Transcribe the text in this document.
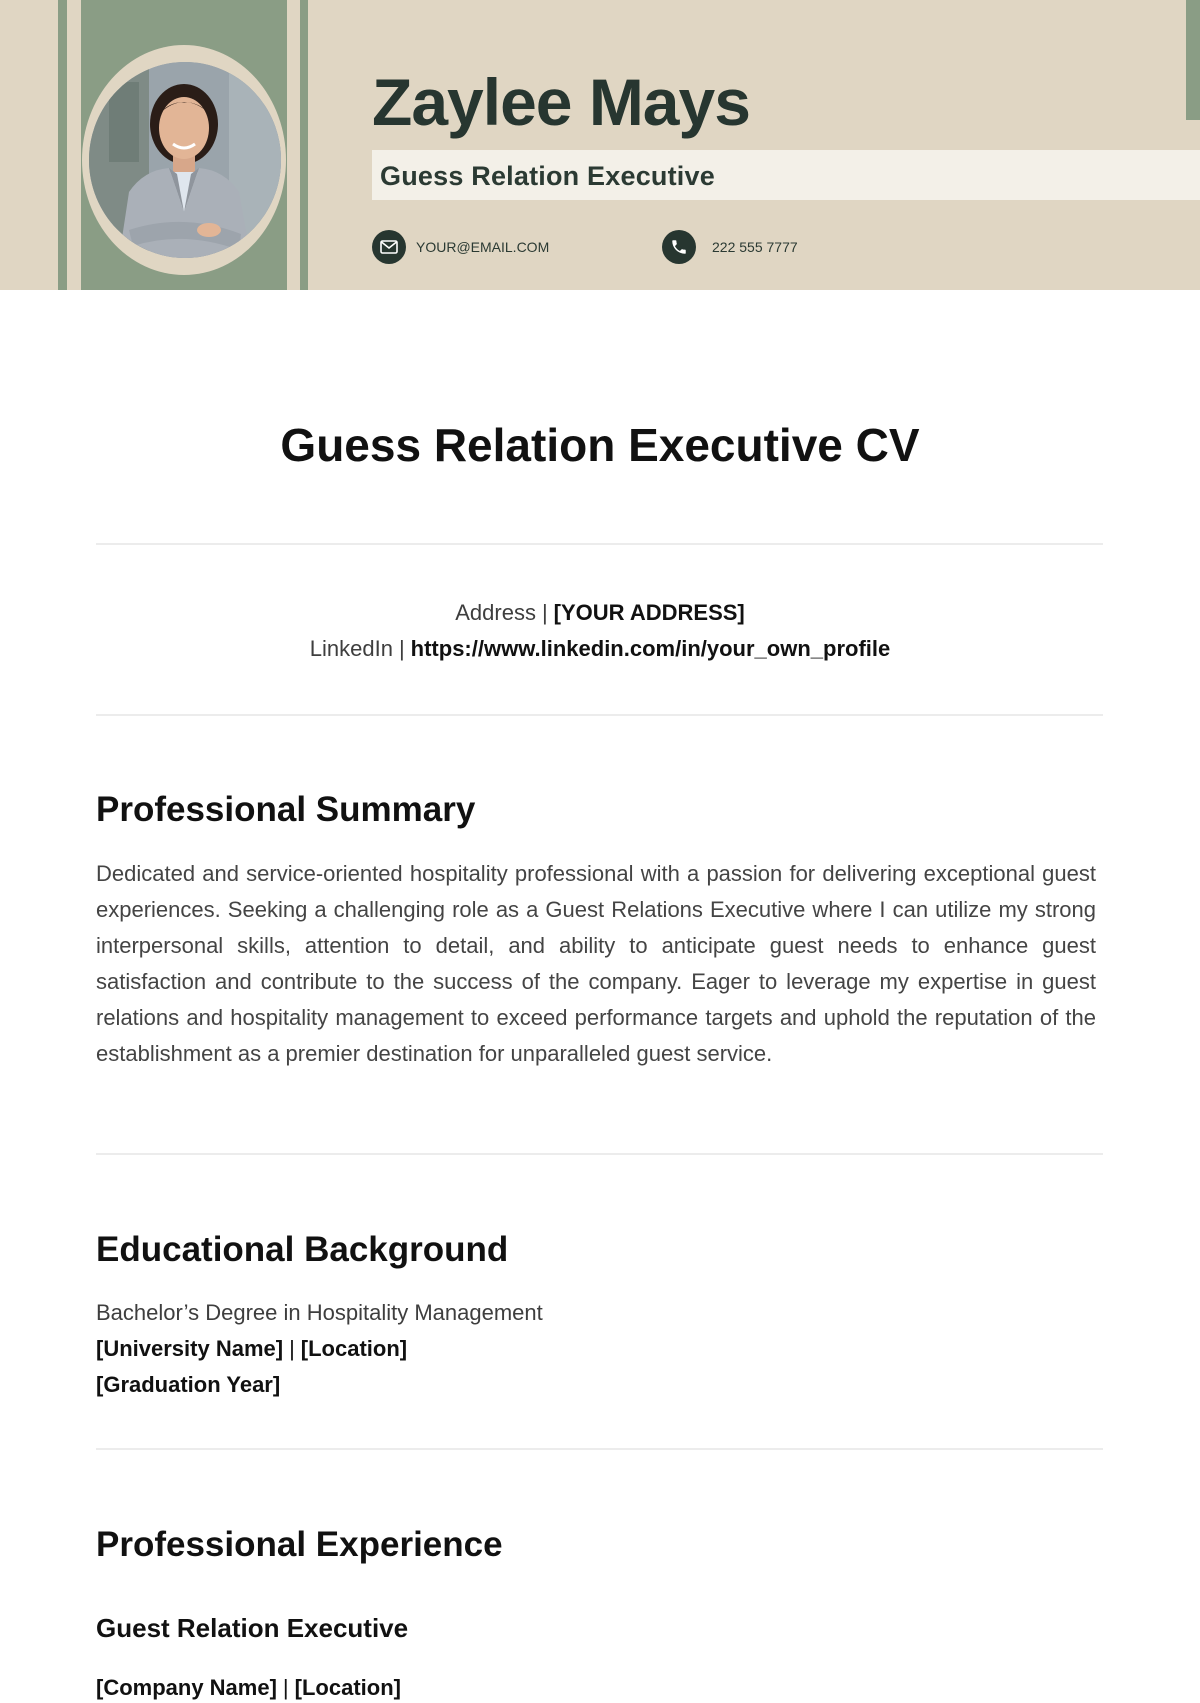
Zaylee Mays
Guess Relation Executive
YOUR@EMAIL.COM	222 555 7777
Guess Relation Executive CV
Address | [YOUR ADDRESS]
LinkedIn | https://www.linkedin.com/in/your_own_profile
Professional Summary

Dedicated and service-oriented hospitality professional with a passion for delivering exceptional guest experiences. Seeking a challenging role as a Guest Relations Executive where I can utilize my strong interpersonal skills, attention to detail, and ability to anticipate guest needs to enhance guest satisfaction and contribute to the success of the company. Eager to leverage my expertise in guest relations and hospitality management to exceed performance targets and uphold the reputation of the establishment as a premier destination for unparalleled guest service.

Educational Background
Bachelor’s Degree in Hospitality Management
[University Name] | [Location]
[Graduation Year]
Professional Experience
Guest Relation Executive
[Company Name] | [Location]
